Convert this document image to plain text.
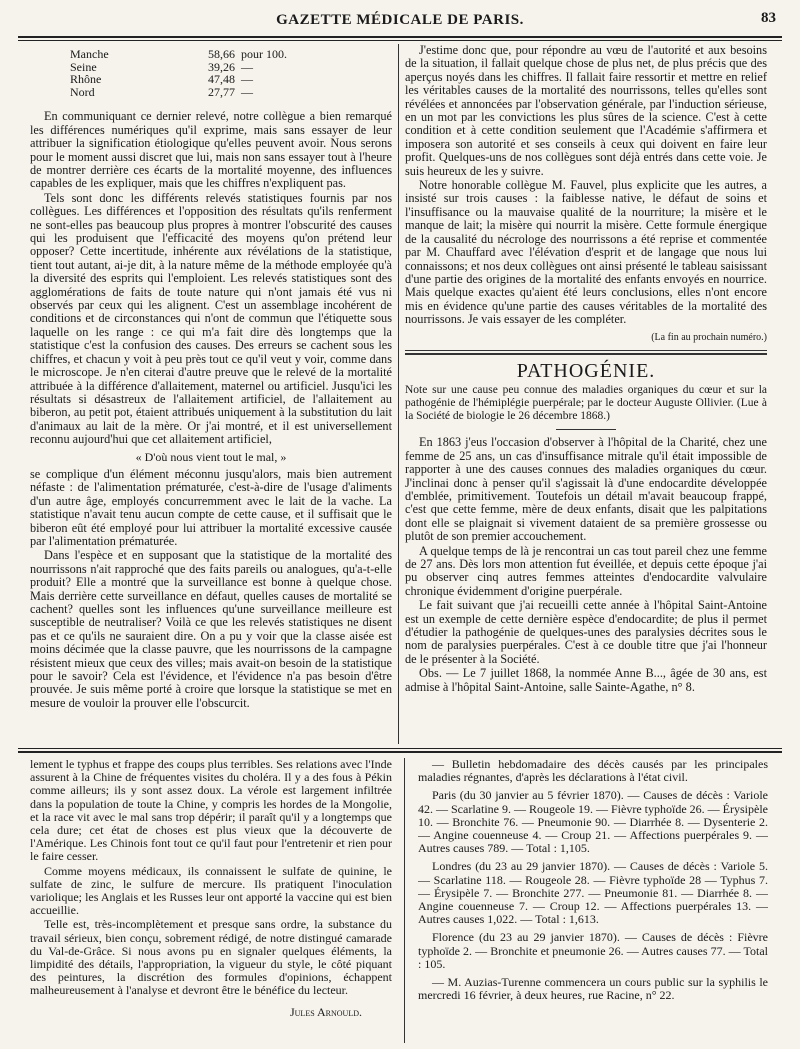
GAZETTE MÉDICALE DE PARIS.	83
Manche	58,66 pour 100.
Seine	39,26 —
Rhône	47,48 —
Nord	27,77 —

En communiquant ce dernier relevé, notre collègue a bien remarqué les différences numériques qu'il exprime, mais sans essayer de leur attribuer la signification étiologique qu'elles peuvent avoir. Nous serons pour le moment aussi discret que lui, mais non sans essayer tout à l'heure de montrer derrière ces écarts de la mortalité moyenne, des influences capables de les expliquer, mais que les chiffres n'expliquent pas.

Tels sont donc les différents relevés statistiques fournis par nos collègues. Les différences et l'opposition des résultats qu'ils renferment ne sont-elles pas beaucoup plus propres à montrer l'obscurité des causes qui les produisent que l'efficacité des moyens qu'on prétend leur opposer? Cette incertitude, inhérente aux révélations de la statistique, tient tout autant, ai-je dit, à la nature même de la méthode employée qu'à la diversité des esprits qui l'emploient. Les relevés statistiques sont des agglomérations de faits de toute nature qui n'ont jamais été vus ni observés par ceux qui les alignent. C'est un assemblage incohérent de conditions et de circonstances qui n'ont de commun que l'étiquette sous laquelle on les range : ce qui m'a fait dire dès longtemps que la statistique c'est la confusion des causes. Des erreurs se cachent sous les chiffres, et chacun y voit à peu près tout ce qu'il veut y voir, comme dans le microscope. Je n'en citerai d'autre preuve que le relevé de la mortalité attribuée à la différence d'allaitement, maternel ou artificiel. Jusqu'ici les résultats si désastreux de l'allaitement artificiel, de l'allaitement au biberon, au petit pot, étaient attribués uniquement à la substitution du lait d'animaux au lait de la mère. Or j'ai montré, et il est universellement reconnu aujourd'hui que cet allaitement artificiel,

« D'où nous vient tout le mal, »

se complique d'un élément méconnu jusqu'alors, mais bien autrement néfaste : de l'alimentation prématurée, c'est-à-dire de l'usage d'aliments d'un autre âge, employés concurremment avec le lait de la vache. La statistique n'avait tenu aucun compte de cette cause, et il suffisait que le biberon eût été employé pour lui attribuer la mortalité excessive causée par l'alimentation prématurée.

Dans l'espèce et en supposant que la statistique de la mortalité des nourrissons n'ait rapproché que des faits pareils ou analogues, qu'a-t-elle produit? Elle a montré que la surveillance est bonne à quelque chose. Mais derrière cette surveillance en défaut, quelles causes de mortalité se cachent? quelles sont les influences qu'une surveillance meilleure est susceptible de neutraliser? Voilà ce que les relevés statistiques ne disent pas et ce qu'ils ne sauraient dire. On a pu y voir que la classe aisée est moins décimée que la classe pauvre, que les nourrissons de la campagne résistent mieux que ceux des villes; mais avait-on besoin de la statistique pour le savoir? Cela est l'évidence, et l'évidence n'a pas besoin d'être prouvée. Je suis même porté à croire que lorsque la statistique se met en mesure de vouloir la prouver elle l'obscurcit.

J'estime donc que, pour répondre au vœu de l'autorité et aux besoins de la situation, il fallait quelque chose de plus net, de plus précis que des aperçus noyés dans les chiffres. Il fallait faire ressortir et mettre en relief les véritables causes de la mortalité des nourrissons, telles qu'elles sont révélées et annoncées par l'observation générale, par l'induction sérieuse, en un mot par les convictions les plus sûres de la science. C'est à cette condition et à cette condition seulement que l'Académie s'affirmera et imposera son autorité et ses conseils à ceux qui doivent en faire leur profit. Quelques-uns de nos collègues sont déjà entrés dans cette voie. Je suis heureux de les y suivre.

Notre honorable collègue M. Fauvel, plus explicite que les autres, a insisté sur trois causes : la faiblesse native, le défaut de soins et l'insuffisance ou la mauvaise qualité de la nourriture; la misère et le manque de lait; la misère qui nourrit la misère. Cette formule énergique de la causalité du nécrologe des nourrissons a été reprise et commentée par M. Chauffard avec l'élévation d'esprit et de langage que nous lui connaissons; et nos deux collègues ont ainsi présenté le tableau saisissant d'une partie des origines de la mortalité des enfants envoyés en nourrice. Mais quelque exactes qu'aient été leurs conclusions, elles n'ont encore mis en évidence qu'une partie des causes véritables de la mortalité des nourrissons. Je vais essayer de les compléter.

(La fin au prochain numéro.)
PATHOGÉNIE.

Note sur une cause peu connue des maladies organiques du cœur et sur la pathogénie de l'hémiplégie puerpérale; par le docteur Auguste Ollivier. (Lue à la Société de biologie le 26 décembre 1868.)

En 1863 j'eus l'occasion d'observer à l'hôpital de la Charité, chez une femme de 25 ans, un cas d'insuffisance mitrale qu'il était impossible de rapporter à une des causes connues des maladies organiques du cœur. J'inclinai donc à penser qu'il s'agissait là d'une endocardite développée d'emblée, primitivement. Toutefois un détail m'avait beaucoup frappé, c'est que cette femme, mère de deux enfants, disait que les palpitations dont elle se plaignait si vivement dataient de sa première grossesse ou plutôt de son premier accouchement.

A quelque temps de là je rencontrai un cas tout pareil chez une femme de 27 ans. Dès lors mon attention fut éveillée, et depuis cette époque j'ai pu observer cinq autres femmes atteintes d'endocardite valvulaire chronique évidemment d'origine puerpérale.

Le fait suivant que j'ai recueilli cette année à l'hôpital Saint-Antoine est un exemple de cette dernière espèce d'endocardite; de plus il permet d'étudier la pathogénie de quelques-unes des paralysies décrites sous le nom de paralysies puerpérales. C'est à ce double titre que j'ai l'honneur de le présenter à la Société.

Obs. — Le 7 juillet 1868, la nommée Anne B..., âgée de 30 ans, est admise à l'hôpital Saint-Antoine, salle Sainte-Agathe, n° 8.

lement le typhus et frappe des coups plus terribles. Ses relations avec l'Inde assurent à la Chine de fréquentes visites du choléra. Il y a des fous à Pékin comme ailleurs; ils y sont assez doux. La vérole est largement infiltrée dans la population de toute la Chine, y compris les hordes de la Mongolie, et la race vit avec le mal sans trop dépérir; il paraît qu'il y a longtemps que cela dure; cet état de choses est plus vieux que la découverte de l'Amérique. Les Chinois font tout ce qu'il faut pour l'entretenir et rien pour le faire cesser.

Comme moyens médicaux, ils connaissent le sulfate de quinine, le sulfate de zinc, le sulfure de mercure. Ils pratiquent l'inoculation variolique; les Anglais et les Russes leur ont apporté la vaccine qui est bien accueillie.

Telle est, très-incomplètement et presque sans ordre, la substance du travail sérieux, bien conçu, sobrement rédigé, de notre distingué camarade du Val-de-Grâce. Si nous avons pu en signaler quelques éléments, la limpidité des détails, l'appropriation, la vigueur du style, le côté piquant des peintures, la discrétion des formules d'opinions, échappent malheureusement à l'analyse et devront être le bénéfice du lecteur.

Jules Arnould.

— Bulletin hebdomadaire des décès causés par les principales maladies régnantes, d'après les déclarations à l'état civil.

Paris (du 30 janvier au 5 février 1870). — Causes de décès : Variole 42. — Scarlatine 9. — Rougeole 19. — Fièvre typhoïde 26. — Érysipèle 10. — Bronchite 76. — Pneumonie 90. — Diarrhée 8. — Dysenterie 2. — Angine couenneuse 4. — Croup 21. — Affections puerpérales 9. — Autres causes 789. — Total : 1,105.

Londres (du 23 au 29 janvier 1870). — Causes de décès : Variole 5. — Scarlatine 118. — Rougeole 28. — Fièvre typhoïde 28 — Typhus 7. — Érysipèle 7. — Bronchite 277. — Pneumonie 81. — Diarrhée 8. — Angine couenneuse 7. — Croup 12. — Affections puerpérales 13. — Autres causes 1,022. — Total : 1,613.

Florence (du 23 au 29 janvier 1870). — Causes de décès : Fièvre typhoïde 2. — Bronchite et pneumonie 26. — Autres causes 77. — Total : 105.

— M. Auzias-Turenne commencera un cours public sur la syphilis le mercredi 16 février, à deux heures, rue Racine, n° 22.
